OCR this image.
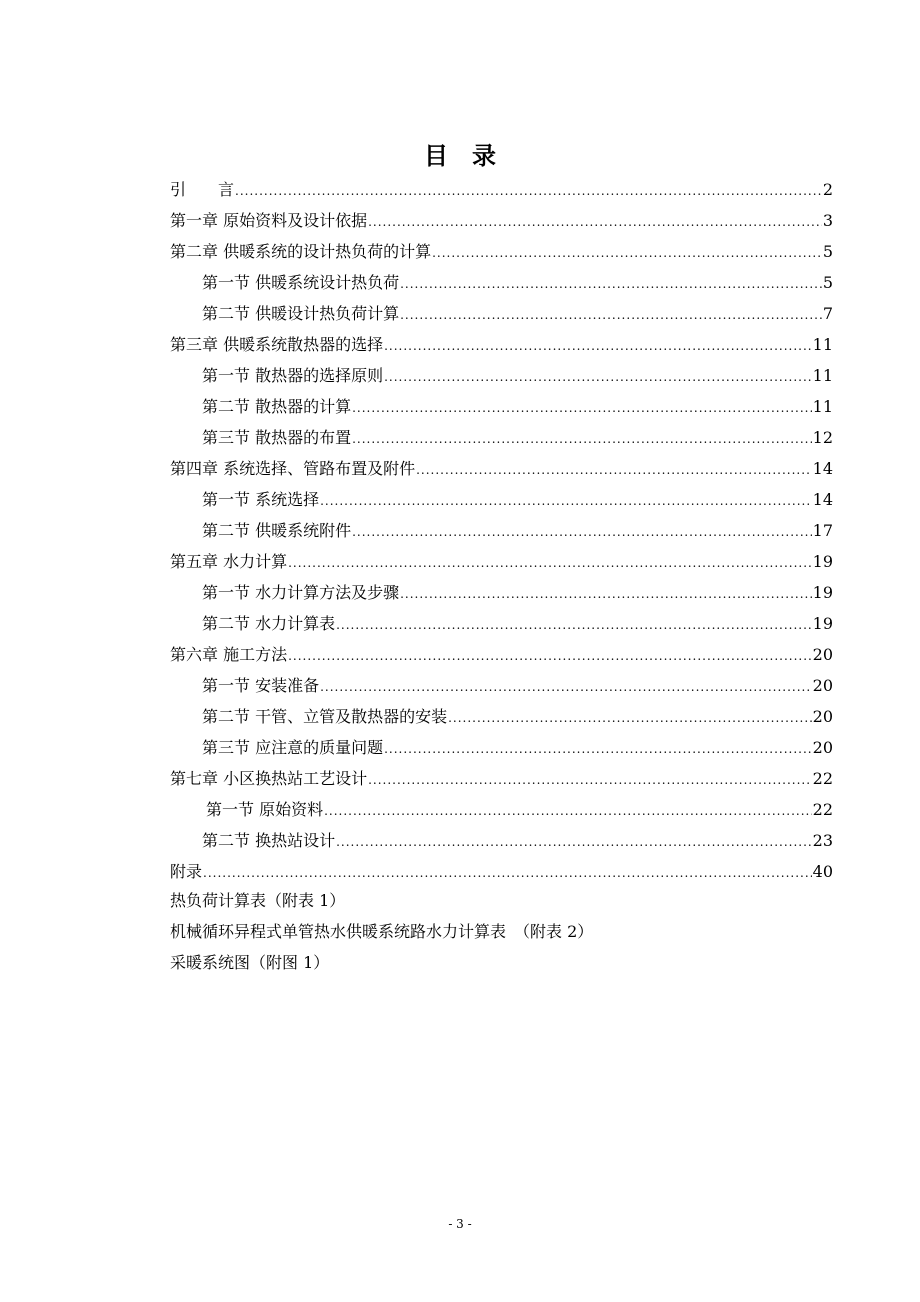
目　录
引　　言 .....	2
第一章 原始资料及设计依据 .....	3
第二章 供暖系统的设计热负荷的计算 .....	5
第一节 供暖系统设计热负荷 .....	5
第二节 供暖设计热负荷计算 .....	7
第三章 供暖系统散热器的选择 .....	11
第一节 散热器的选择原则 .....	11
第二节 散热器的计算 .....	11
第三节 散热器的布置 .....	12
第四章 系统选择、管路布置及附件 .....	14
第一节 系统选择 .....	14
第二节 供暖系统附件 .....	17
第五章 水力计算 .....	19
第一节 水力计算方法及步骤 .....	19
第二节 水力计算表 .....	19
第六章 施工方法 .....	20
第一节 安装准备 .....	20
第二节 干管、立管及散热器的安装 .....	20
第三节 应注意的质量问题 .....	20
第七章 小区换热站工艺设计 .....	22
第一节 原始资料 .....	22
第二节 换热站设计 .....	23
附录 .....	40
热负荷计算表（附表 1）
机械循环异程式单管热水供暖系统路水力计算表　（附表 2）
采暖系统图（附图 1）
- 3 -
